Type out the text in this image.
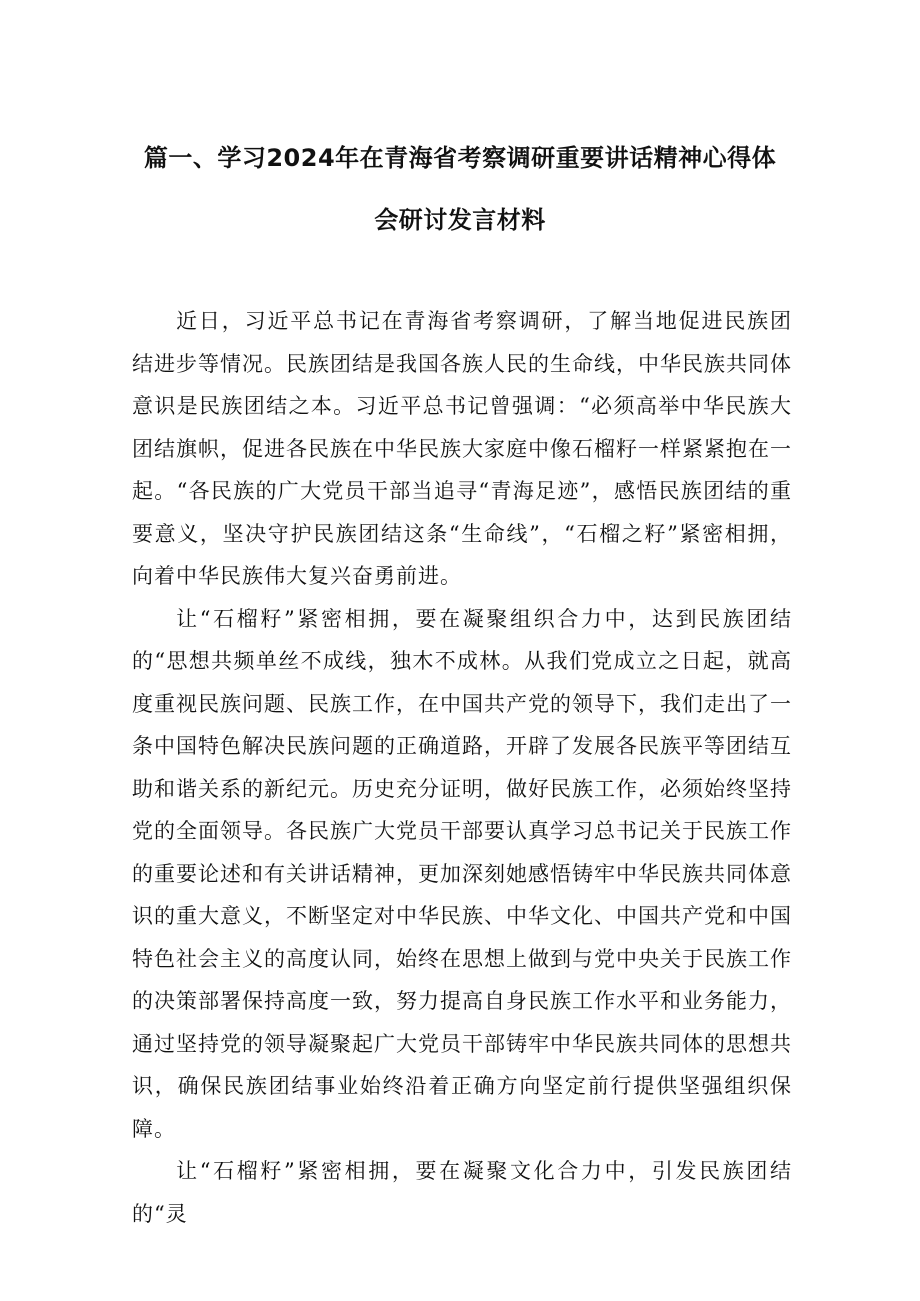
篇一、学习2024年在青海省考察调研重要讲话精神心得体
会研讨发言材料

近日，习近平总书记在青海省考察调研，了解当地促进民族团结进步等情况。民族团结是我国各族人民的生命线，中华民族共同体意识是民族团结之本。习近平总书记曾强调：“必须高举中华民族大团结旗帜，促进各民族在中华民族大家庭中像石榴籽一样紧紧抱在一起。“各民族的广大党员干部当追寻“青海足迹”，感悟民族团结的重要意义，坚决守护民族团结这条“生命线”，“石榴之籽”紧密相拥，向着中华民族伟大复兴奋勇前进。

让“石榴籽”紧密相拥，要在凝聚组织合力中，达到民族团结的“思想共频单丝不成线，独木不成林。从我们党成立之日起，就高度重视民族问题、民族工作，在中国共产党的领导下，我们走出了一条中国特色解决民族问题的正确道路，开辟了发展各民族平等团结互助和谐关系的新纪元。历史充分证明，做好民族工作，必须始终坚持党的全面领导。各民族广大党员干部要认真学习总书记关于民族工作的重要论述和有关讲话精神，更加深刻她感悟铸牢中华民族共同体意识的重大意义，不断坚定对中华民族、中华文化、中国共产党和中国特色社会主义的高度认同，始终在思想上做到与党中央关于民族工作的决策部署保持高度一致，努力提高自身民族工作水平和业务能力，通过坚持党的领导凝聚起广大党员干部铸牢中华民族共同体的思想共识，确保民族团结事业始终沿着正确方向坚定前行提供坚强组织保障。

让“石榴籽”紧密相拥，要在凝聚文化合力中，引发民族团结的“灵
